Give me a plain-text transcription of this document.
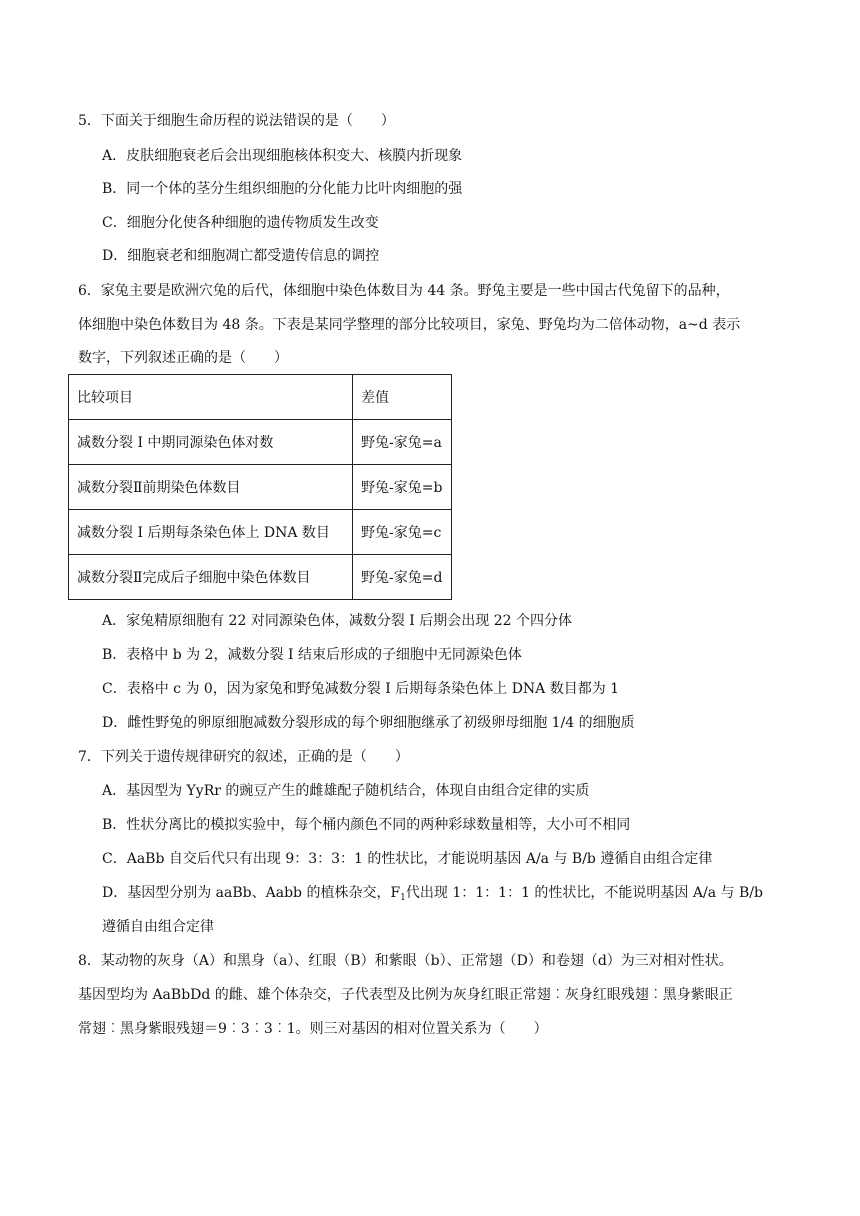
5．下面关于细胞生命历程的说法错误的是（　　）
A．皮肤细胞衰老后会出现细胞核体积变大、核膜内折现象
B．同一个体的茎分生组织细胞的分化能力比叶肉细胞的强
C．细胞分化使各种细胞的遗传物质发生改变
D．细胞衰老和细胞凋亡都受遗传信息的调控
6．家兔主要是欧洲穴兔的后代，体细胞中染色体数目为 44 条。野兔主要是一些中国古代兔留下的品种，
体细胞中染色体数目为 48 条。下表是某同学整理的部分比较项目，家兔、野兔均为二倍体动物，a~d 表示
数字，下列叙述正确的是（　　）
比较项目	差值
减数分裂 I 中期同源染色体对数	野兔-家兔=a
减数分裂Ⅱ前期染色体数目	野兔-家兔=b
减数分裂 I 后期每条染色体上 DNA 数目	野兔-家兔=c
减数分裂Ⅱ完成后子细胞中染色体数目	野兔-家兔=d
A．家兔精原细胞有 22 对同源染色体，减数分裂 I 后期会出现 22 个四分体
B．表格中 b 为 2，减数分裂 I 结束后形成的子细胞中无同源染色体
C．表格中 c 为 0，因为家兔和野兔减数分裂 I 后期每条染色体上 DNA 数目都为 1
D．雌性野兔的卵原细胞减数分裂形成的每个卵细胞继承了初级卵母细胞 1/4 的细胞质
7．下列关于遗传规律研究的叙述，正确的是（　　）
A．基因型为 YyRr 的豌豆产生的雌雄配子随机结合，体现自由组合定律的实质
B．性状分离比的模拟实验中，每个桶内颜色不同的两种彩球数量相等，大小可不相同
C．AaBb 自交后代只有出现 9：3：3：1 的性状比，才能说明基因 A/a 与 B/b 遵循自由组合定律
D．基因型分别为 aaBb、Aabb 的植株杂交，$F_1$代出现 1：1：1：1 的性状比，不能说明基因 A/a 与 B/b
遵循自由组合定律
8．某动物的灰身（A）和黑身（a）、红眼（B）和紫眼（b）、正常翅（D）和卷翅（d）为三对相对性状。
基因型均为 AaBbDd 的雌、雄个体杂交，子代表型及比例为灰身红眼正常翅︰灰身红眼残翅︰黑身紫眼正
常翅︰黑身紫眼残翅＝9︰3︰3︰1。则三对基因的相对位置关系为（　　）
